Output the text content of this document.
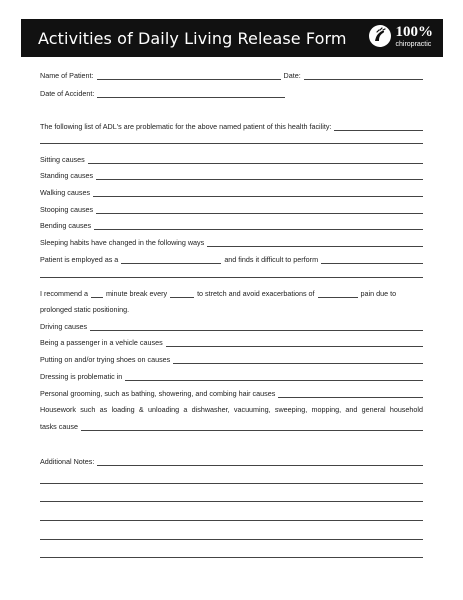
Activities of Daily Living Release Form	100%
chiropractic
Name of Patient:	Date:
Date of Accident:
The following list of ADL's are problematic for the above named patient of this health facility:
Sitting causes
Standing causes
Walking causes
Stooping causes
Bending causes
Sleeping habits have changed in the following ways
Patient is employed as a	and finds it difficult to perform
I recommend a	minute break every	to stretch and avoid exacerbations of	pain due to
prolonged static positioning.
Driving causes
Being a passenger in a vehicle causes
Putting on and/or trying shoes on causes
Dressing is problematic in
Personal grooming, such as bathing, showering, and combing hair causes
Housework such as loading & unloading a dishwasher, vacuuming, sweeping, mopping, and general household
tasks cause
Additional Notes:
